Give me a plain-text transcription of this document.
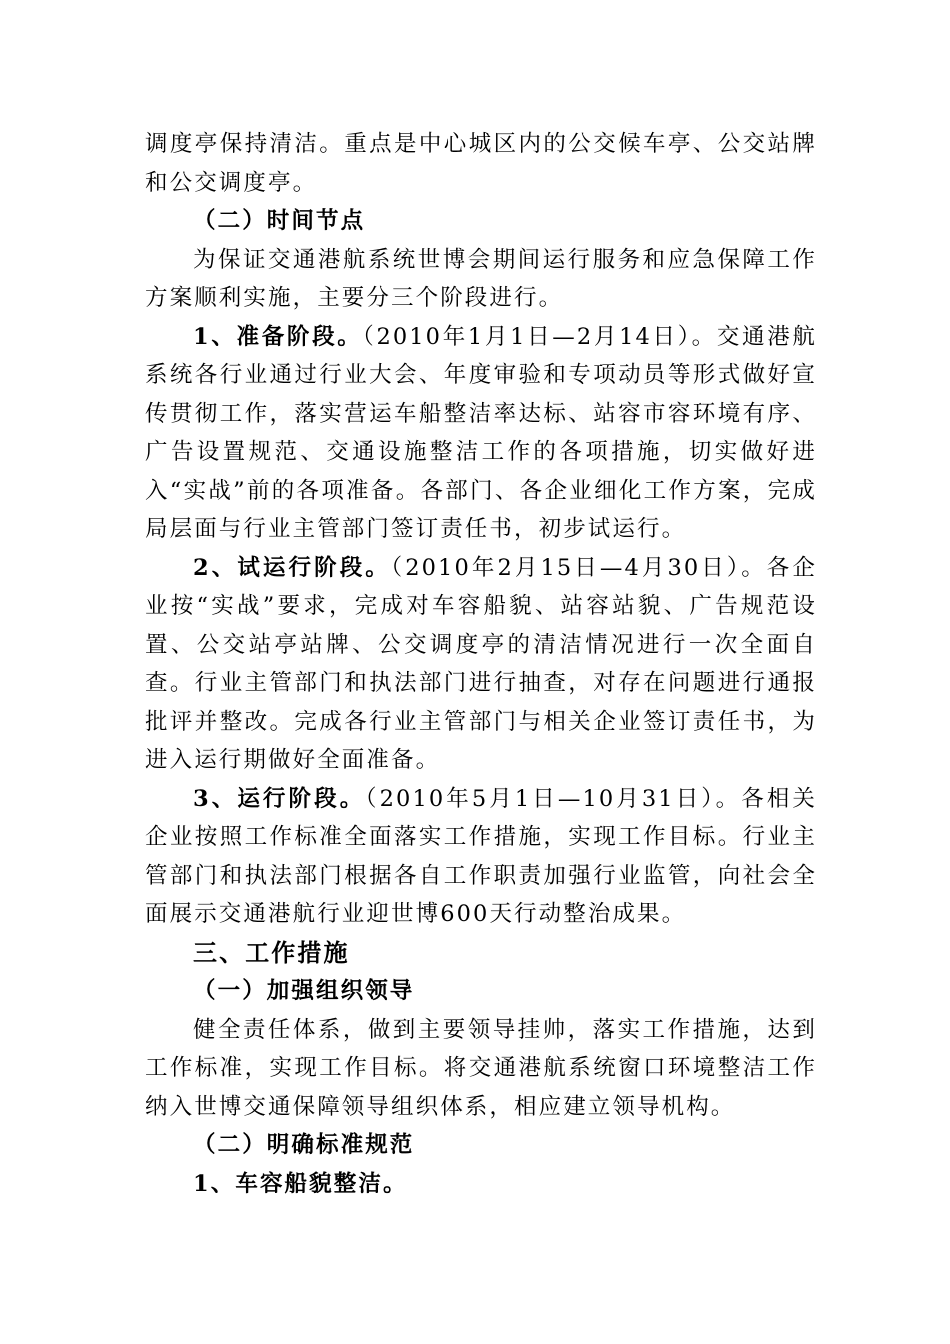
调度亭保持清洁。重点是中心城区内的公交候车亭、公交站牌和公交调度亭。

（二）时间节点

为保证交通港航系统世博会期间运行服务和应急保障工作方案顺利实施，主要分三个阶段进行。

1、准备阶段。（2010年1月1日—2月14日）。交通港航系统各行业通过行业大会、年度审验和专项动员等形式做好宣传贯彻工作，落实营运车船整洁率达标、站容市容环境有序、广告设置规范、交通设施整洁工作的各项措施，切实做好进入“实战”前的各项准备。各部门、各企业细化工作方案，完成局层面与行业主管部门签订责任书，初步试运行。

2、试运行阶段。（2010年2月15日—4月30日）。各企业按“实战”要求，完成对车容船貌、站容站貌、广告规范设置、公交站亭站牌、公交调度亭的清洁情况进行一次全面自查。行业主管部门和执法部门进行抽查，对存在问题进行通报批评并整改。完成各行业主管部门与相关企业签订责任书，为进入运行期做好全面准备。

3、运行阶段。（2010年5月1日—10月31日）。各相关企业按照工作标准全面落实工作措施，实现工作目标。行业主管部门和执法部门根据各自工作职责加强行业监管，向社会全面展示交通港航行业迎世博600天行动整治成果。

三、工作措施

（一）加强组织领导

健全责任体系，做到主要领导挂帅，落实工作措施，达到工作标准，实现工作目标。将交通港航系统窗口环境整洁工作纳入世博交通保障领导组织体系，相应建立领导机构。

（二）明确标准规范

1、车容船貌整洁。
